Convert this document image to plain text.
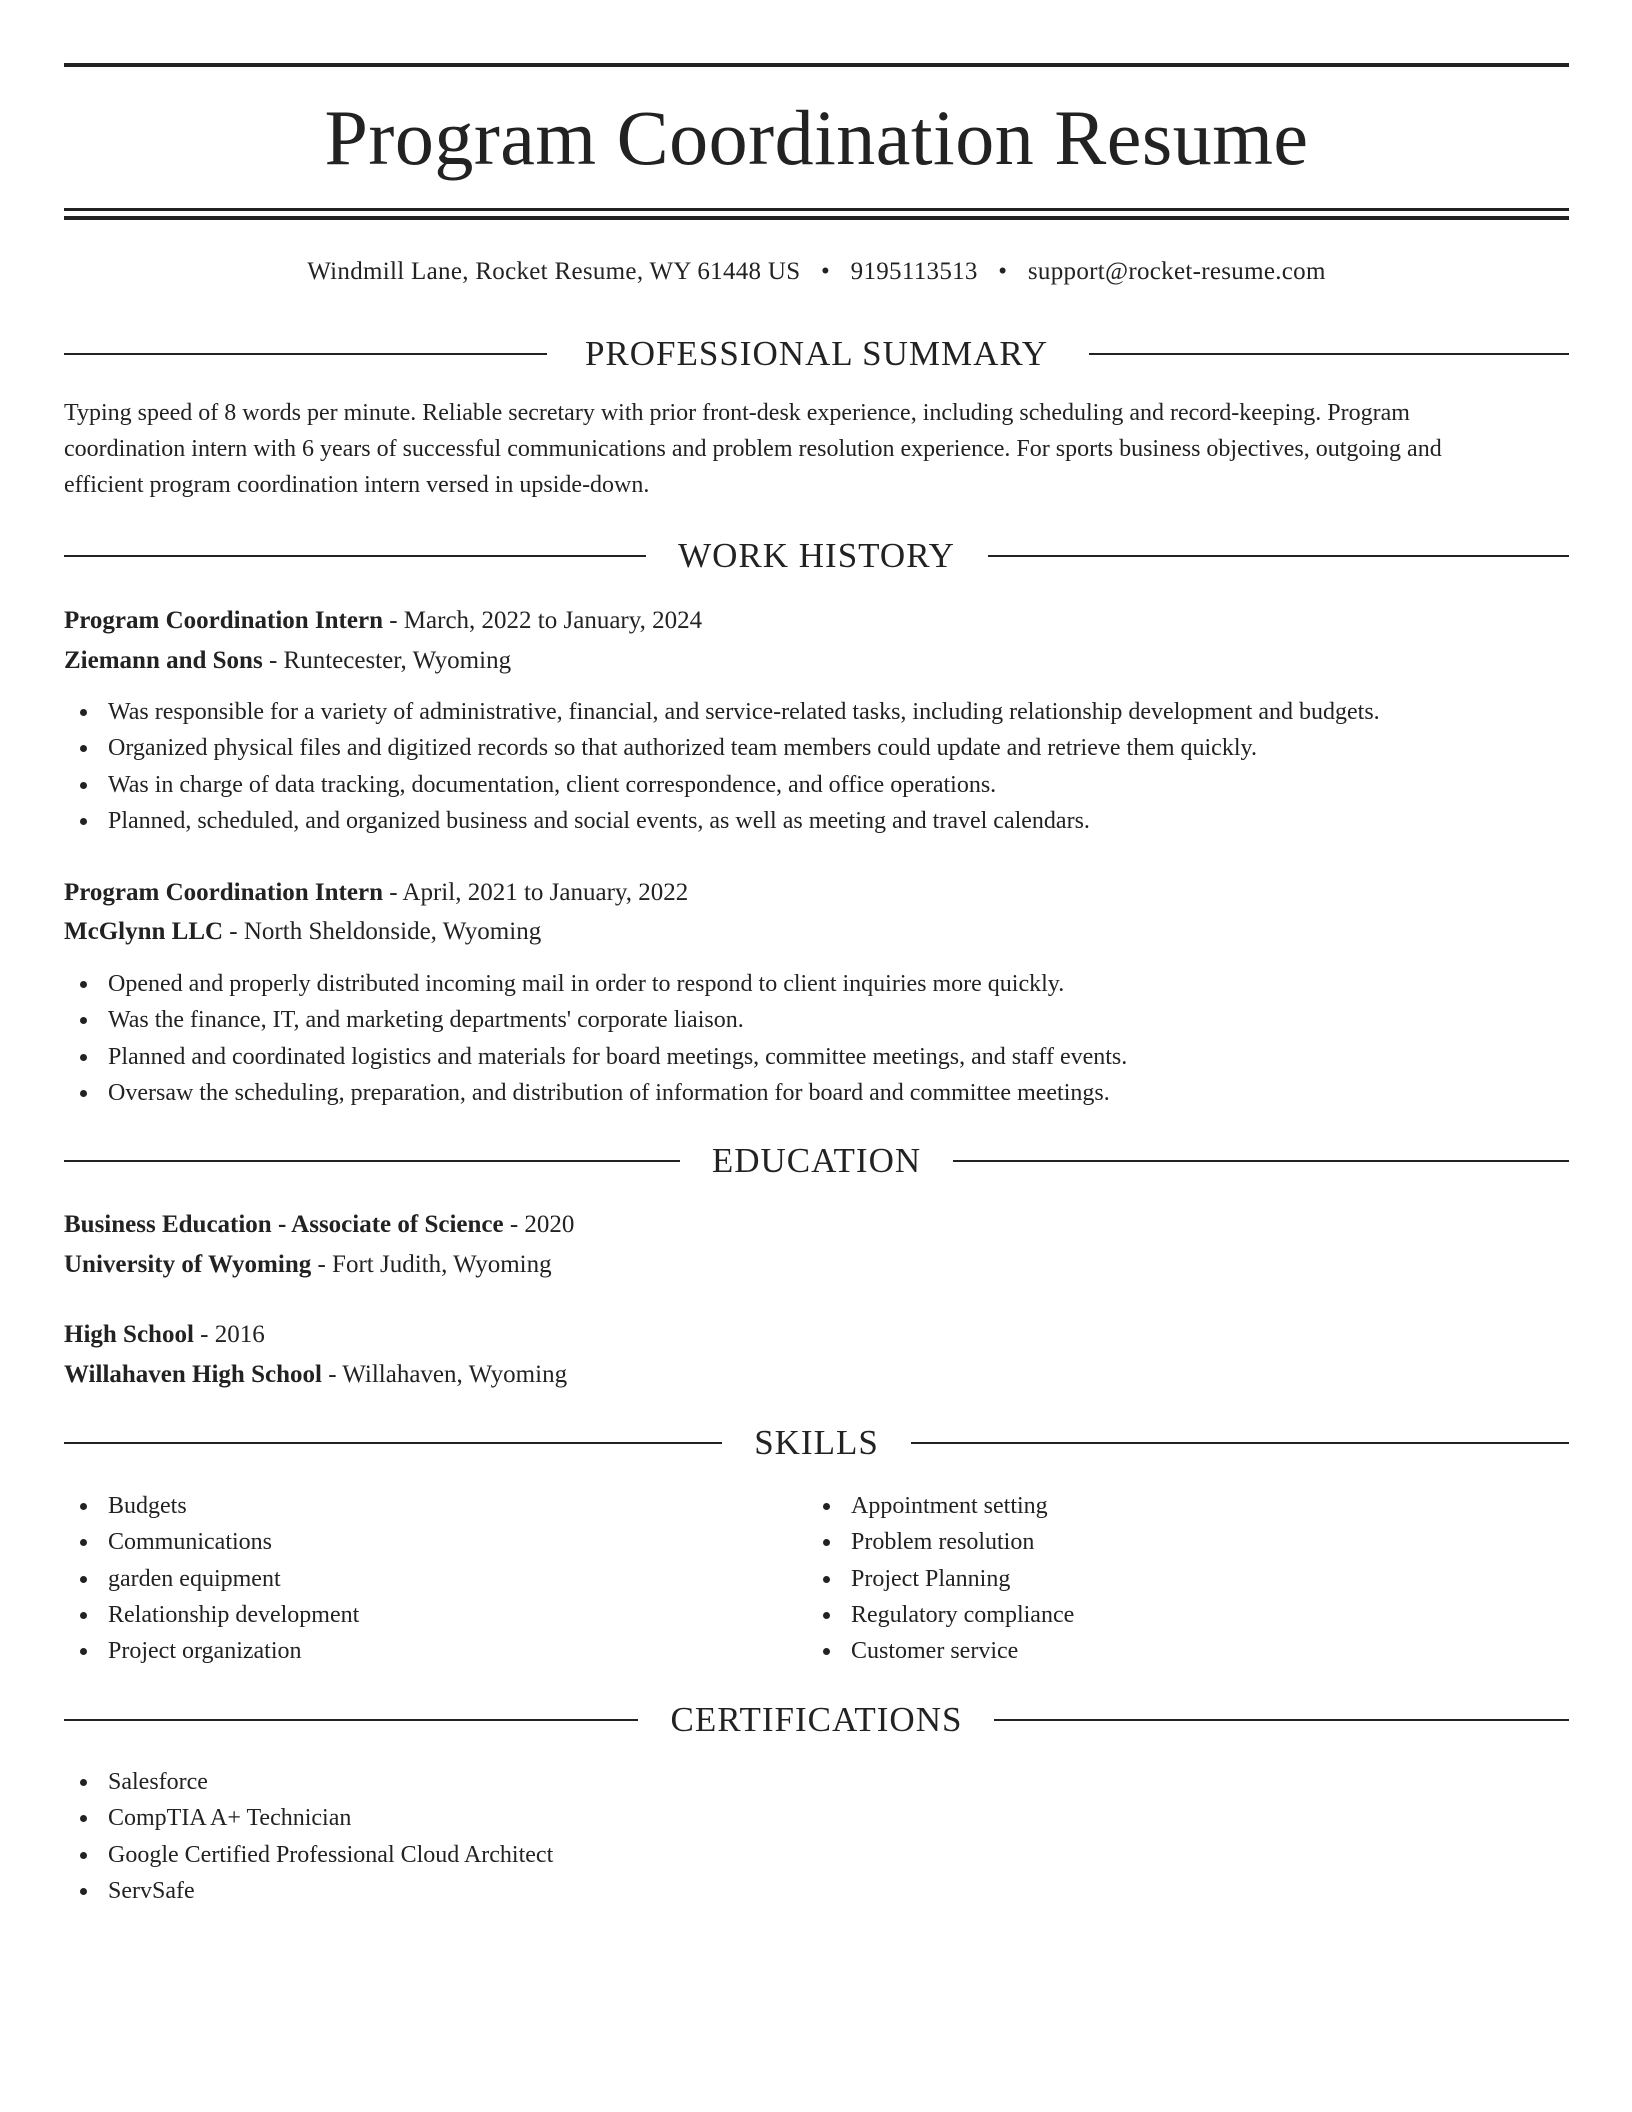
Program Coordination Resume
Windmill Lane, Rocket Resume, WY 61448 US • 9195113513 • support@rocket-resume.com
PROFESSIONAL SUMMARY
Typing speed of 8 words per minute. Reliable secretary with prior front-desk experience, including scheduling and record-keeping. Program
coordination intern with 6 years of successful communications and problem resolution experience. For sports business objectives, outgoing and
efficient program coordination intern versed in upside-down.
WORK HISTORY
Program Coordination Intern - March, 2022 to January, 2024
Ziemann and Sons - Runtecester, Wyoming
Was responsible for a variety of administrative, financial, and service-related tasks, including relationship development and budgets.
Organized physical files and digitized records so that authorized team members could update and retrieve them quickly.
Was in charge of data tracking, documentation, client correspondence, and office operations.
Planned, scheduled, and organized business and social events, as well as meeting and travel calendars.
Program Coordination Intern - April, 2021 to January, 2022
McGlynn LLC - North Sheldonside, Wyoming
Opened and properly distributed incoming mail in order to respond to client inquiries more quickly.
Was the finance, IT, and marketing departments' corporate liaison.
Planned and coordinated logistics and materials for board meetings, committee meetings, and staff events.
Oversaw the scheduling, preparation, and distribution of information for board and committee meetings.
EDUCATION
Business Education - Associate of Science - 2020
University of Wyoming - Fort Judith, Wyoming
High School - 2016
Willahaven High School - Willahaven, Wyoming
SKILLS
Budgets
Communications
garden equipment
Relationship development
Project organization
Appointment setting
Problem resolution
Project Planning
Regulatory compliance
Customer service
CERTIFICATIONS
Salesforce
CompTIA A+ Technician
Google Certified Professional Cloud Architect
ServSafe
